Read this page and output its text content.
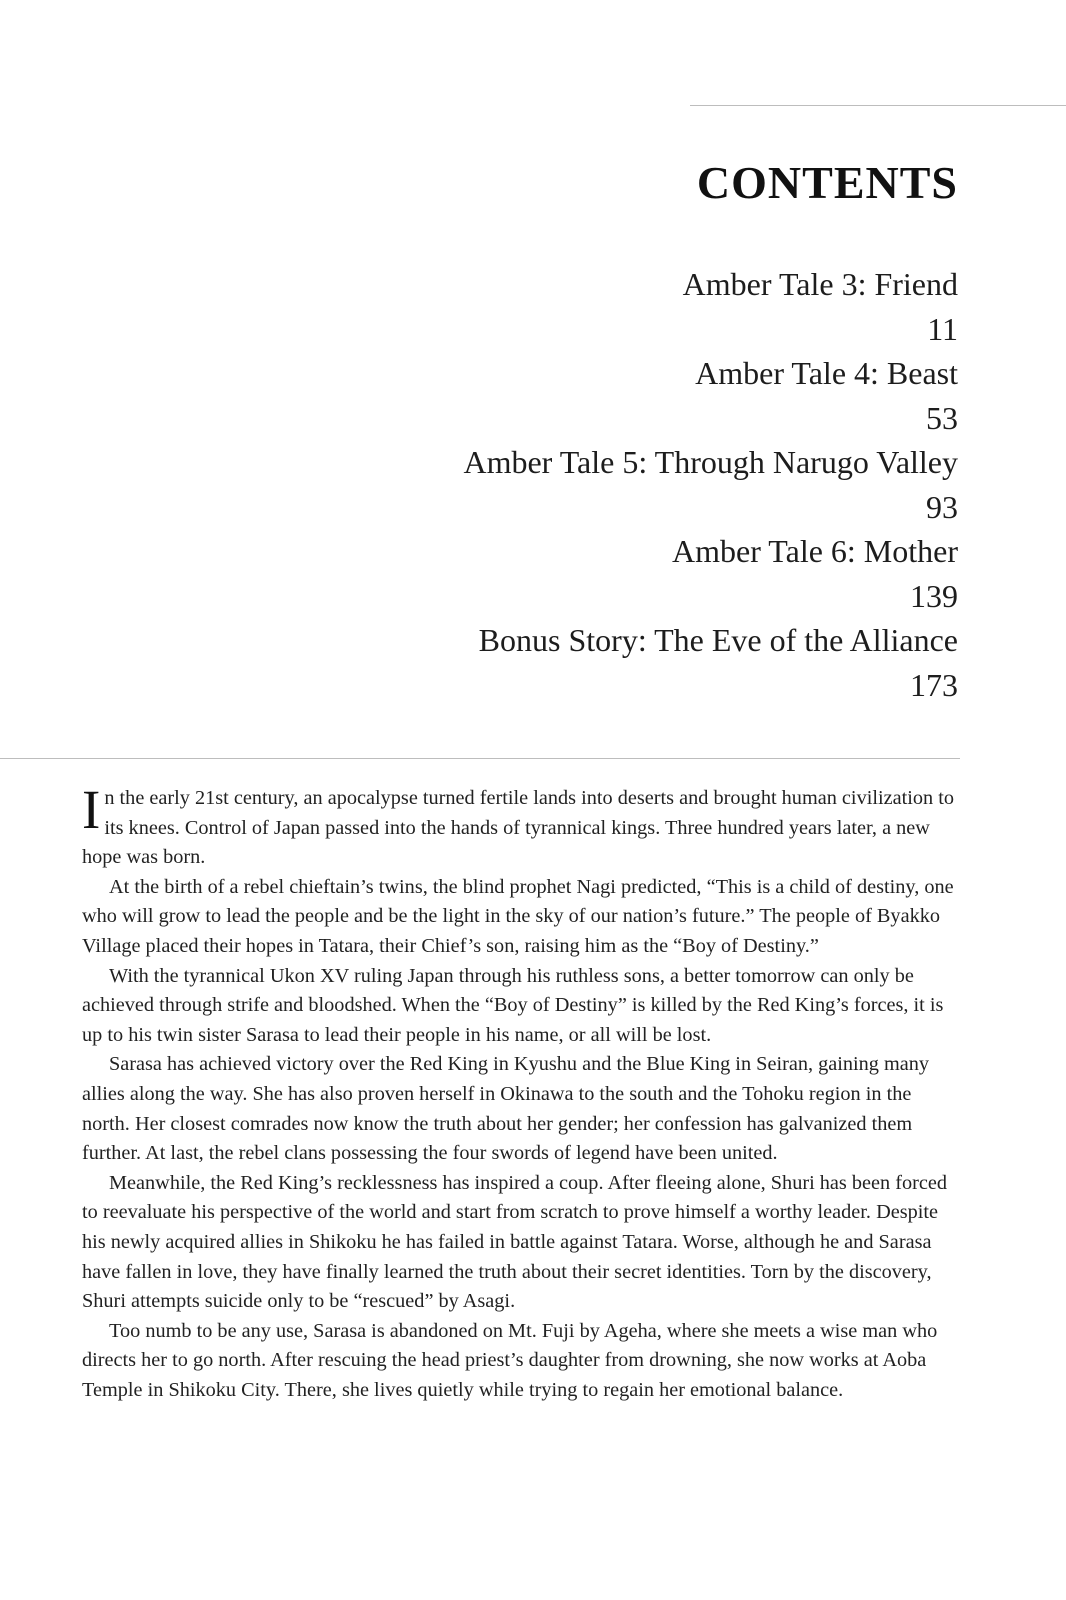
CONTENTS
Amber Tale 3: Friend
11
Amber Tale 4: Beast
53
Amber Tale 5: Through Narugo Valley
93
Amber Tale 6: Mother
139
Bonus Story: The Eve of the Alliance
173

In the early 21st century, an apocalypse turned fertile lands into deserts and brought human civilization to its knees. Control of Japan passed into the hands of tyrannical kings. Three hundred years later, a new hope was born.

At the birth of a rebel chieftain’s twins, the blind prophet Nagi predicted, “This is a child of destiny, one who will grow to lead the people and be the light in the sky of our nation’s future.” The people of Byakko Village placed their hopes in Tatara, their Chief’s son, raising him as the “Boy of Destiny.”

With the tyrannical Ukon XV ruling Japan through his ruthless sons, a better tomorrow can only be achieved through strife and bloodshed. When the “Boy of Destiny” is killed by the Red King’s forces, it is up to his twin sister Sarasa to lead their people in his name, or all will be lost.

Sarasa has achieved victory over the Red King in Kyushu and the Blue King in Seiran, gaining many allies along the way. She has also proven herself in Okinawa to the south and the Tohoku region in the north. Her closest comrades now know the truth about her gender; her confession has galvanized them further. At last, the rebel clans possessing the four swords of legend have been united.

Meanwhile, the Red King’s recklessness has inspired a coup. After fleeing alone, Shuri has been forced to reevaluate his perspective of the world and start from scratch to prove himself a worthy leader. Despite his newly acquired allies in Shikoku he has failed in battle against Tatara. Worse, although he and Sarasa have fallen in love, they have finally learned the truth about their secret identities. Torn by the discovery, Shuri attempts suicide only to be “rescued” by Asagi.

Too numb to be any use, Sarasa is abandoned on Mt. Fuji by Ageha, where she meets a wise man who directs her to go north. After rescuing the head priest’s daughter from drowning, she now works at Aoba Temple in Shikoku City. There, she lives quietly while trying to regain her emotional balance.
